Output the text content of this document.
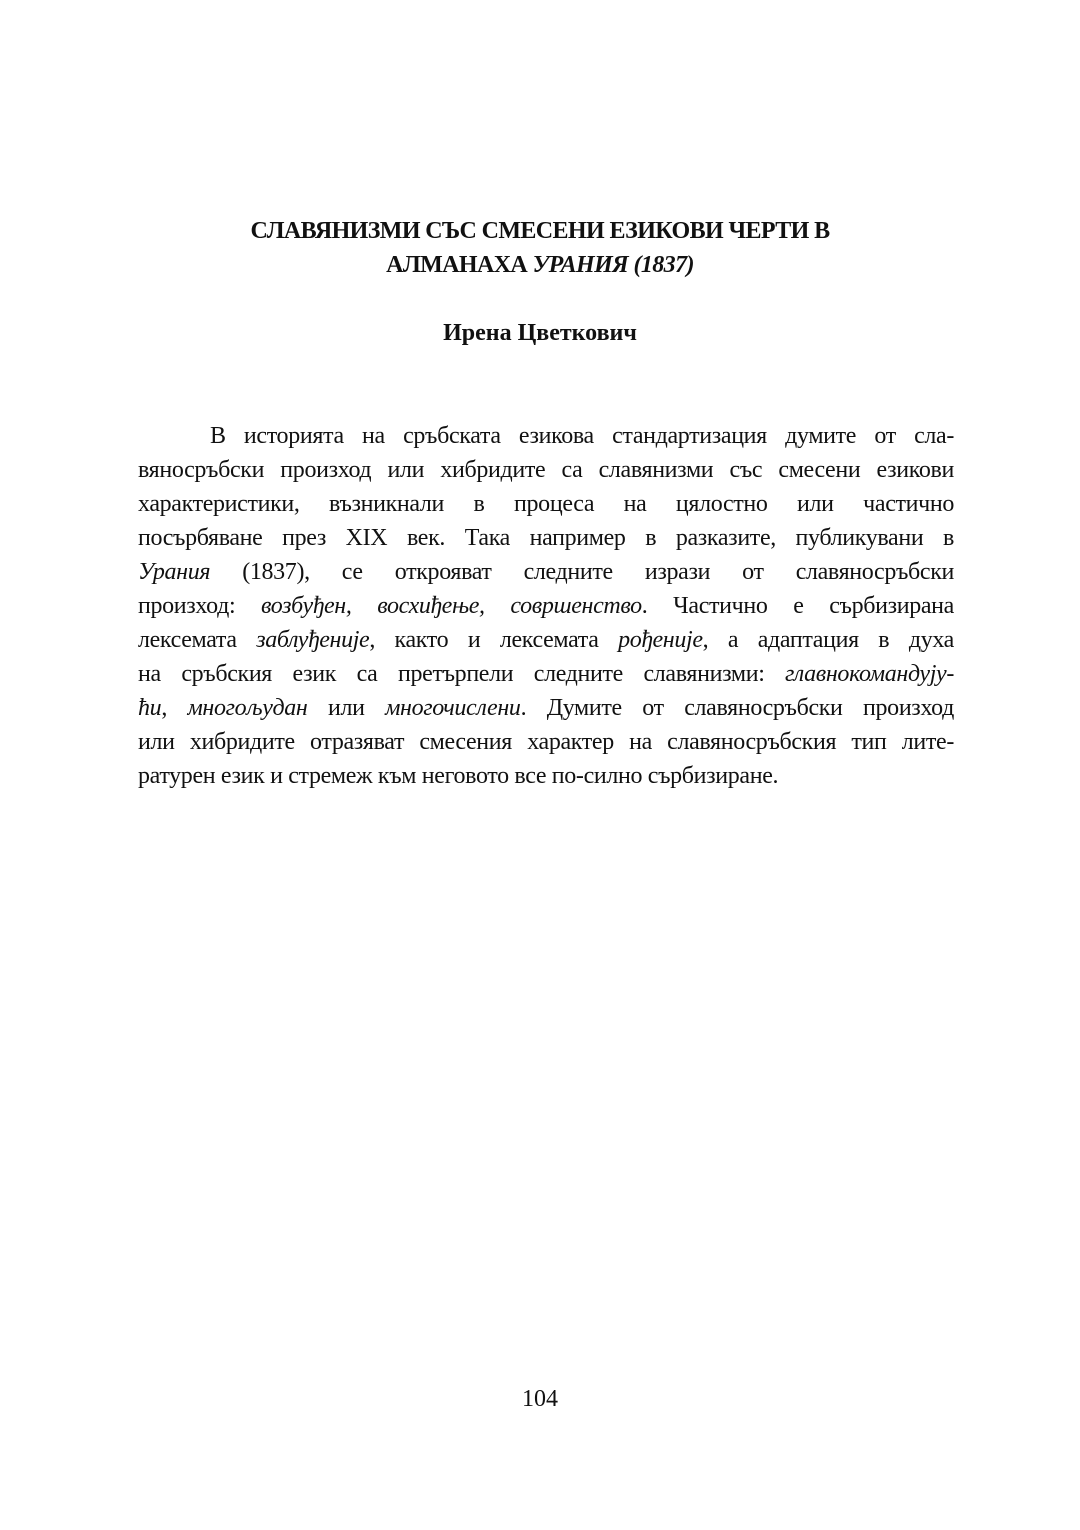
СЛАВЯНИЗМИ СЪС СМЕСЕНИ ЕЗИКОВИ ЧЕРТИ В
АЛМАНАХА УРАНИЯ (1837)
Ирена Цветкович
В историята на сръбската езикова стандартизация думите от сла-
вяносръбски произход или хибридите са славянизми със смесени езикови
характеристики, възникнали в процеса на цялостно или частично
посърбяване през XIX век. Така например в разказите, публикувани в
Урания (1837), се открояват следните изрази от славяносръбски
произход: возбуђен, восхиђење, совршенство. Частично е сърбизирана
лексемата заблуђеније, както и лексемата рођеније, а адаптация в духа
на сръбския език са претърпели следните славянизми: главнокомандују-
ћи, многољудан или многочислени. Думите от славяносръбски произход
или хибридите отразяват смесения характер на славяносръбския тип лите-
ратурен език и стремеж към неговото все по-силно сърбизиране.
104
